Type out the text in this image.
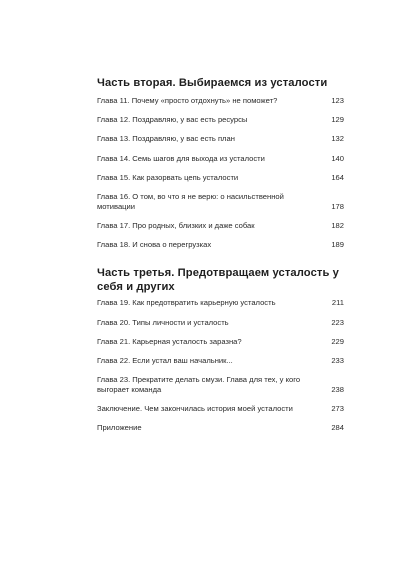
Часть вторая. Выбираемся из усталости
Глава 11. Почему «просто отдохнуть» не поможет?	123
Глава 12. Поздравляю, у вас есть ресурсы	129
Глава 13. Поздравляю, у вас есть план	132
Глава 14. Семь шагов для выхода из усталости	140
Глава 15. Как разорвать цепь усталости	164
Глава 16. О том, во что я не верю: о насильственной мотивации	178
Глава 17. Про родных, близких и даже собак	182
Глава 18. И снова о перегрузках	189
Часть третья. Предотвращаем усталость у себя и других
Глава 19. Как предотвратить карьерную усталость	211
Глава 20. Типы личности и усталость	223
Глава 21. Карьерная усталость заразна?	229
Глава 22. Если устал ваш начальник...	233
Глава 23. Прекратите делать смузи. Глава для тех, у кого выгорает команда	238
Заключение. Чем закончилась история моей усталости	273
Приложение	284
